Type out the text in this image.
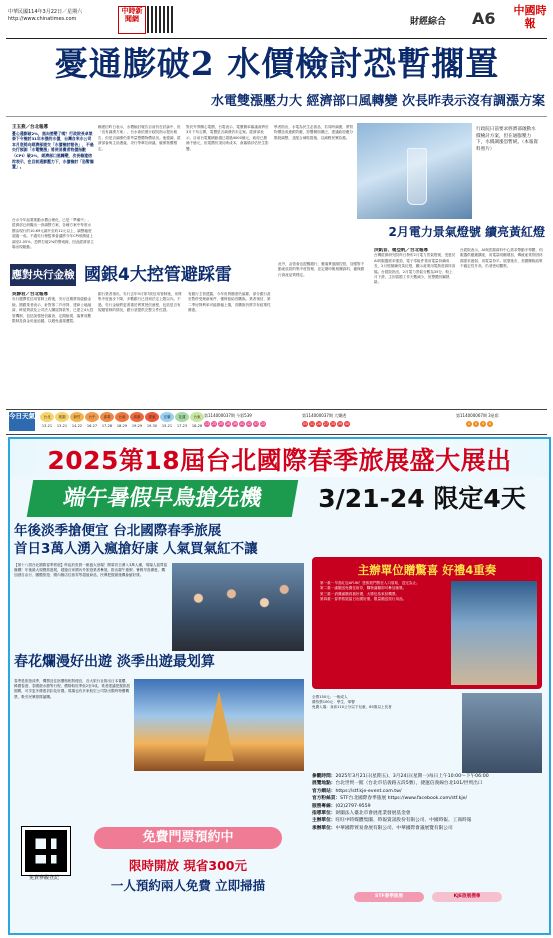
中華民國114年3月22日／星期六
http://www.chinatimes.com
中時新聞網	財經綜合 A6 中國時報
憂通膨破2 水價檢討恐暫擱置
水電雙漲壓力大 經濟部口風轉變 次長昨表示沒有調漲方案
王玉燕／台北報導
憂心通膨破2%，風向要變了嗎？行政院長卓榮泰下令檢討31年未漲的水價，台灣自來水公司本月底將向經濟部提交「水價檢討報告」，不過央行預測「水電雙漲」將使消費者物價指數（CPI）破2%，經濟部口風轉變，次長賴建信昨表示，在目前通膨壓力下，水價檢討「恐暫擱置」。
台水今年起要推動水價合理化，已是「準備中」，經濟部已研擬出一套調整方案，各種方案中每度水價由現行的10.69元調升至約12元以上，調整幅度超過一成。不過央行理監事會議將今年CPI預測值上調至2.05%，恐將打破2%的警戒線，因此經濟部立場出現鬆動。
賴建信昨日表示，水價檢討報告目前仍在討論中，但「沒有調漲方案」，台水會依照行政院指示提出報告，但是否調漲仍需考量整體物價狀況。他強調，經濟部會與主計總處、央行等單位研議，確保物價穩定。
對於外界關心電價，台電表示，電價費率審議會將於3月下旬召開，電價是否調漲仍未定案。經濟部表示，目前台電累積虧損已超過4000億元，政府已撥補千億元，但電價仍須反映成本，會審慎評估民生影響。
學者指出，水電為民生必需品，若同時調漲，將對物價造成連鎖效應，影響層面廣泛，建議政府應分階段調整，並配合補貼措施，以減輕民眾負擔。
行政院日前要求經濟部啟動水價檢討方案，但在通膨壓力下，水價調漲恐暫緩。（本報資料照片）
2月電力景氣燈號 續亮黃紅燈
洪凱音、楊亞帆／台北報導
台灣經濟研究院昨日發布2月電力景氣燈號，受惠於AI伺服器需求強勁，電子零組件業用電量持續成長，2月燈號續亮黃紅燈，顯示產業用電熱度維持高檔。台經院指出，2月電力景氣分數為35分，較上月下滑，主因春節工作天數減少，但整體仍屬熱絡。
台經院表示，AI與雲端資料中心需求帶動半導體、伺服器供應鏈擴產，用電量明顯增加，傳統產業則因終端需求疲弱，用電量持平。展望後市，美國關稅政策不確定性升高，仍須密切觀察。
應對央行金檢 國銀4大控管避踩雷
吳靜君／台北報導
央行選擇性信用管制上路後，央行近期將再啟動金檢。國銀業者表示，針對第二戶房貸、建商土地融資、餘屋貸款及公司法人購屋貸款等，已建立4大控管機制，包括加強授信審查、定期檢視、落實成數限制及資金用途追蹤，以避免違規遭罰。
銀行業者指出，央行去年9月第7波信用管制後，房貸集中度逐步下降，多數銀行已回到法定上限以內。不過，央行金檢將更著重於實質授信流程，包括是否有規避管制的情況，銀行須提供完整文件佐證。
有銀行主管透露，今年房貸額度仍偏緊，部分銀行甚至暫停受理新案件，僅保留給首購族。業者預估，第二季房貸利率可能微幅上揚，首購族仍將享有政策性優惠。
此外，金管會也提醒銀行，應落實風險控管，加強對不動產放款的集中度管理，並定期申報相關資料，確保銀行資產品質穩定。
今日天氣	台北
13-21
桃園
13-21
新竹
14-22
台中
16-27
嘉義
17-28
台南
18-29
高雄
19-29
屏東
19-30
宜蘭
15-21
花蓮
17-23
台東
18-26
第114000037期 今彩539
13 23 25 26 39 41 42 47 22
第114000037期 大樂透
05 11 26 27 33 39 40
第114000067期 3星彩
0 6 9 6
2025第18屆台北國際春季旅展盛大展出
端午暑假早鳥搶先機	3/21-24 限定4天
年後淡季搶便宜 台北國際春季旅展
首日3萬人湧入瘋搶好康 人氣買氣紅不讓
【第十八屆台北國際春季旅展】昨起於世貿一館盛大登場！開幕首日湧入3萬人潮，現場人氣買氣爆棚！年後最大規模旅遊展，超過百家國內外旅遊業者參展，推出端午連假、暑假早鳥優惠，機加酒自由行、團體旅遊、國內飯店住宿券等超值商品，民眾把握最後機會搶好康。
春花爛漫好出遊 淡季出遊最划算
春季是旅遊淡季，機票及住宿價格相對便宜，各大旅行社推出日本賞櫻、韓國春遊、泰國潑水節等行程，價格較旺季低2至3成。業者建議把握旅展期間，可享更多優惠折扣及好禮。現場也有多家航空公司祭出限時特價機票，吸引民眾排隊搶購。
主辦單位贈驚喜 好禮4重奏
第一重－早鳥紅包AFUN！憑旅展門票至入口領取，送完為止。
第二重－滿額送免費住宿券，購物滿額即可參加抽獎。
第三重－消費滿額再抽好禮，大獎包括來回機票。
第四重－春季旅展當日出國好康，限量贈送旅行用品。
全票150元；一般成人
優待票100元：學生、軍警
免費入場：身高110公分以下兒童、65歲以上長者
免費參觀登記
免費門票預約中
限時開放 現省300元
一人預約兩人免費 立即掃描
參觀時間：2025年3月21日(星期五)、3月24日(星期一)每日上午10:00～下午06:00
展覽地點：台北世貿一館（台北市信義路五段5號），捷運信義線台北101/世貿出口
官方網站：https://stf.kje-event.com.tw/
官方粉絲頁：STF台北國際春季旅展 https://www.facebook.com/stf.kje/
服務專線：(02)2797-9559
指導單位：財團法人臺北市會展產業發展基金會
主辦單位：旺旺中時媒體集團、時報資訊股份有限公司、中國時報、工商時報
承辦單位：中華國際貿易會展有限公司、中華國際會議展覽有限公司
STF春季旅展	KJE旅展搜尋
